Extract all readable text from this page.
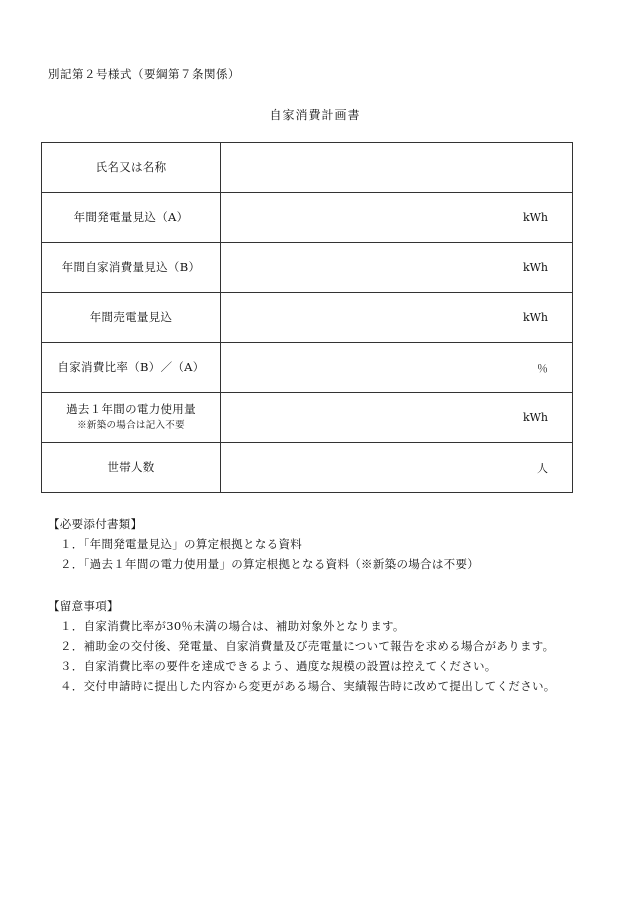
別記第２号様式（要綱第７条関係）
自家消費計画書
氏名又は名称	
年間発電量見込（A）	kWh
年間自家消費量見込（B）	kWh
年間売電量見込	kWh
自家消費比率（B）／（A）	％
過去１年間の電力使用量
※新築の場合は記入不要	kWh
世帯人数	人
【必要添付書類】
１．「年間発電量見込」の算定根拠となる資料
２．「過去１年間の電力使用量」の算定根拠となる資料（※新築の場合は不要）
【留意事項】
１．自家消費比率が30％未満の場合は、補助対象外となります。
２．補助金の交付後、発電量、自家消費量及び売電量について報告を求める場合があります。
３．自家消費比率の要件を達成できるよう、過度な規模の設置は控えてください。
４．交付申請時に提出した内容から変更がある場合、実績報告時に改めて提出してください。
